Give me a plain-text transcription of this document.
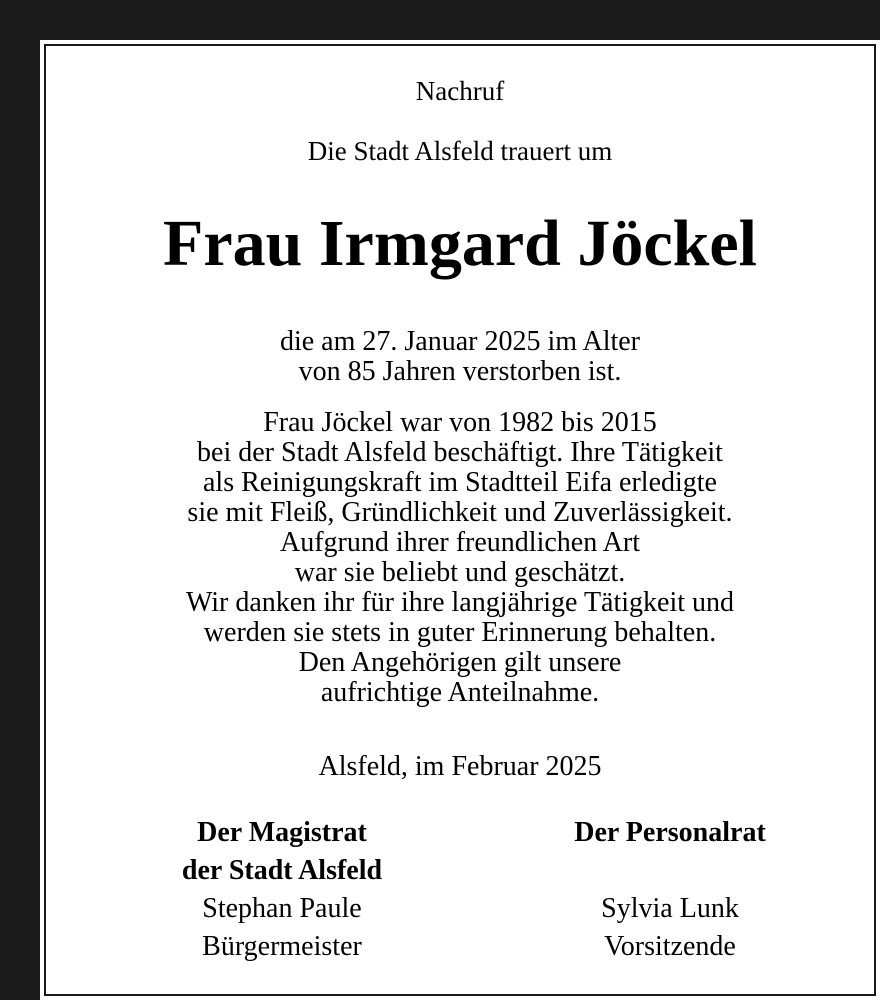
Nachruf
Die Stadt Alsfeld trauert um
Frau Irmgard Jöckel
die am 27. Januar 2025 im Alter
von 85 Jahren verstorben ist.
Frau Jöckel war von 1982 bis 2015
bei der Stadt Alsfeld beschäftigt. Ihre Tätigkeit
als Reinigungskraft im Stadtteil Eifa erledigte
sie mit Fleiß, Gründlichkeit und Zuverlässigkeit.
Aufgrund ihrer freundlichen Art
war sie beliebt und geschätzt.
Wir danken ihr für ihre langjährige Tätigkeit und
werden sie stets in guter Erinnerung behalten.
Den Angehörigen gilt unsere
aufrichtige Anteilnahme.
Alsfeld, im Februar 2025
Der Magistrat
der Stadt Alsfeld
Stephan Paule
Bürgermeister
Der Personalrat
Sylvia Lunk
Vorsitzende
